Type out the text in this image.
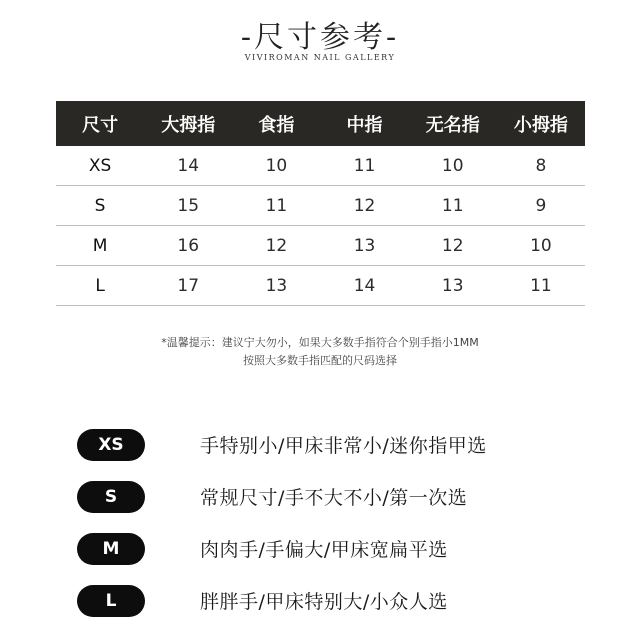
-尺寸参考-
VIVIROMAN NAIL GALLERY
尺寸	大拇指	食指	中指	无名指	小拇指
XS	14	10	11	10	8
S	15	11	12	11	9
M	16	12	13	12	10
L	17	13	14	13	11
*温馨提示：建议宁大勿小，如果大多数手指符合个别手指小1MM
按照大多数手指匹配的尺码选择
XS	手特别小/甲床非常小/迷你指甲选
S	常规尺寸/手不大不小/第一次选
M	肉肉手/手偏大/甲床宽扁平选
L	胖胖手/甲床特别大/小众人选
